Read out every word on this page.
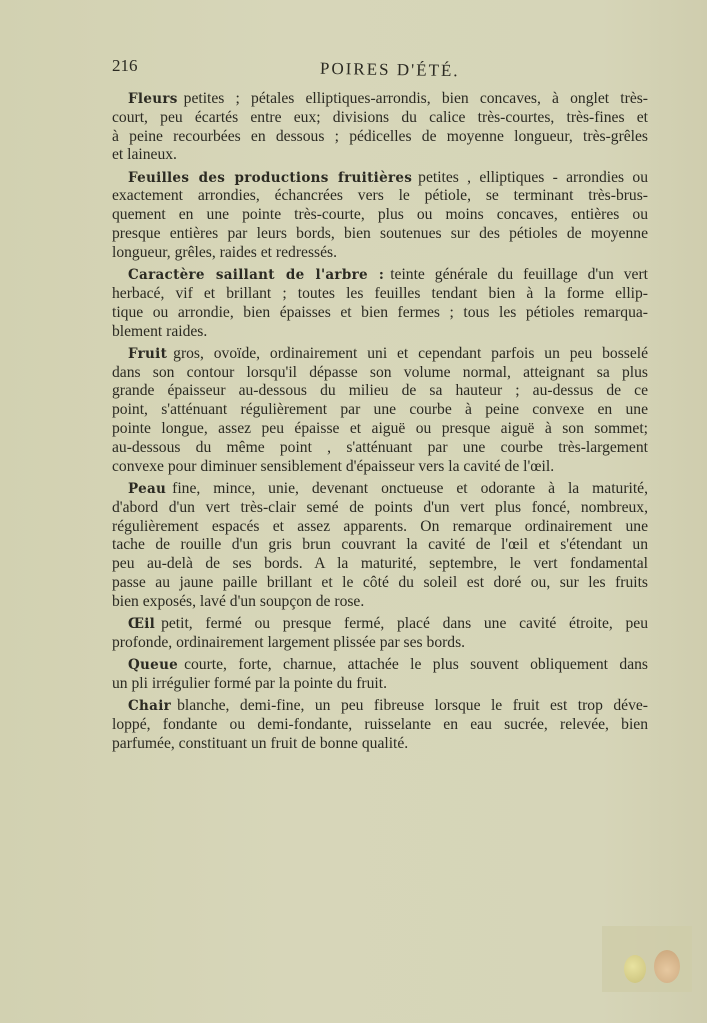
216	POIRES D'ÉTÉ.
Fleurs petites ; pétales elliptiques-arrondis, bien concaves, à onglet très-
court, peu écartés entre eux; divisions du calice très-courtes, très-fines et
à peine recourbées en dessous ; pédicelles de moyenne longueur, très-grêles
et laineux.
Feuilles des productions fruitières petites , elliptiques - arrondies ou
exactement arrondies, échancrées vers le pétiole, se terminant très-brus-
quement en une pointe très-courte, plus ou moins concaves, entières ou
presque entières par leurs bords, bien soutenues sur des pétioles de moyenne
longueur, grêles, raides et redressés.
Caractère saillant de l'arbre : teinte générale du feuillage d'un vert
herbacé, vif et brillant ; toutes les feuilles tendant bien à la forme ellip-
tique ou arrondie, bien épaisses et bien fermes ; tous les pétioles remarqua-
blement raides.
Fruit gros, ovoïde, ordinairement uni et cependant parfois un peu bosselé
dans son contour lorsqu'il dépasse son volume normal, atteignant sa plus
grande épaisseur au-dessous du milieu de sa hauteur ; au-dessus de ce
point, s'atténuant régulièrement par une courbe à peine convexe en une
pointe longue, assez peu épaisse et aiguë ou presque aiguë à son sommet;
au-dessous du même point , s'atténuant par une courbe très-largement
convexe pour diminuer sensiblement d'épaisseur vers la cavité de l'œil.
Peau fine, mince, unie, devenant onctueuse et odorante à la maturité,
d'abord d'un vert très-clair semé de points d'un vert plus foncé, nombreux,
régulièrement espacés et assez apparents. On remarque ordinairement une
tache de rouille d'un gris brun couvrant la cavité de l'œil et s'étendant un
peu au-delà de ses bords. A la maturité, septembre, le vert fondamental
passe au jaune paille brillant et le côté du soleil est doré ou, sur les fruits
bien exposés, lavé d'un soupçon de rose.
Œil petit, fermé ou presque fermé, placé dans une cavité étroite, peu
profonde, ordinairement largement plissée par ses bords.
Queue courte, forte, charnue, attachée le plus souvent obliquement dans
un pli irrégulier formé par la pointe du fruit.
Chair blanche, demi-fine, un peu fibreuse lorsque le fruit est trop déve-
loppé, fondante ou demi-fondante, ruisselante en eau sucrée, relevée, bien
parfumée, constituant un fruit de bonne qualité.
